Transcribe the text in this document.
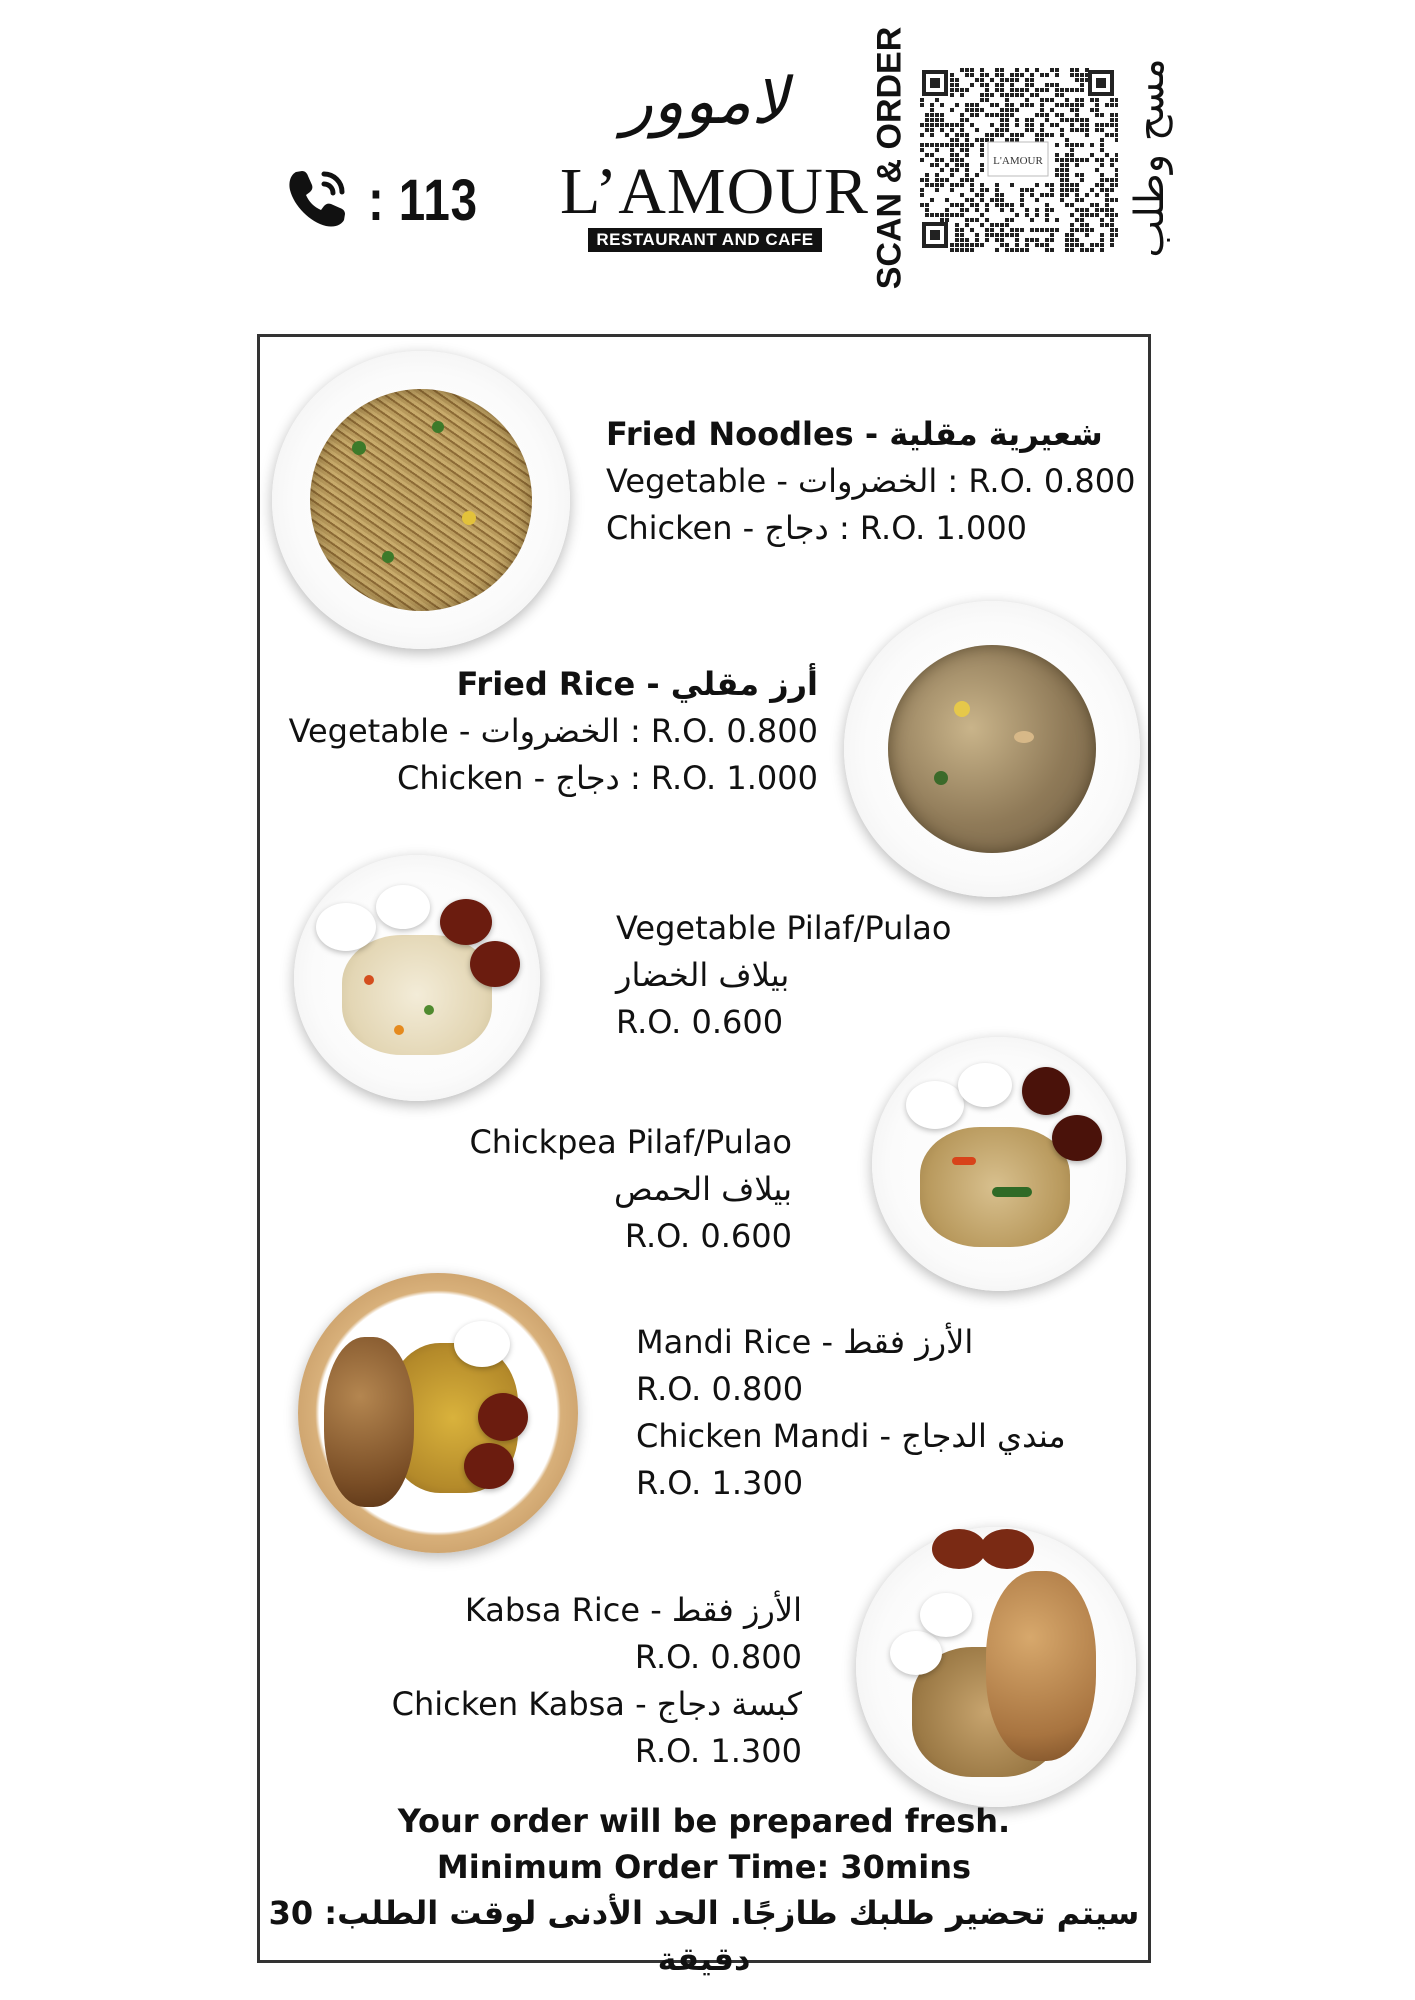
: 113
لاموور
L’AMOUR
RESTAURANT AND CAFE	SCAN & ORDER	L'AMOUR مسح وطلب
Fried Noodles - شعيرية مقلية
Vegetable - الخضروات : R.O. 0.800
Chicken - دجاج : R.O. 1.000
Fried Rice - أرز مقلي
Vegetable - الخضروات : R.O. 0.800
Chicken - دجاج : R.O. 1.000
Vegetable Pilaf/Pulao
بيلاف الخضار
R.O. 0.600
Chickpea Pilaf/Pulao
بيلاف الحمص
R.O. 0.600
Mandi Rice - الأرز فقط
R.O. 0.800
Chicken Mandi - مندي الدجاج
R.O. 1.300
Kabsa Rice - الأرز فقط
R.O. 0.800
Chicken Kabsa - كبسة دجاج
R.O. 1.300
Your order will be prepared fresh.
Minimum Order Time: 30mins
سيتم تحضير طلبك طازجًا. الحد الأدنى لوقت الطلب: 30 دقيقة
